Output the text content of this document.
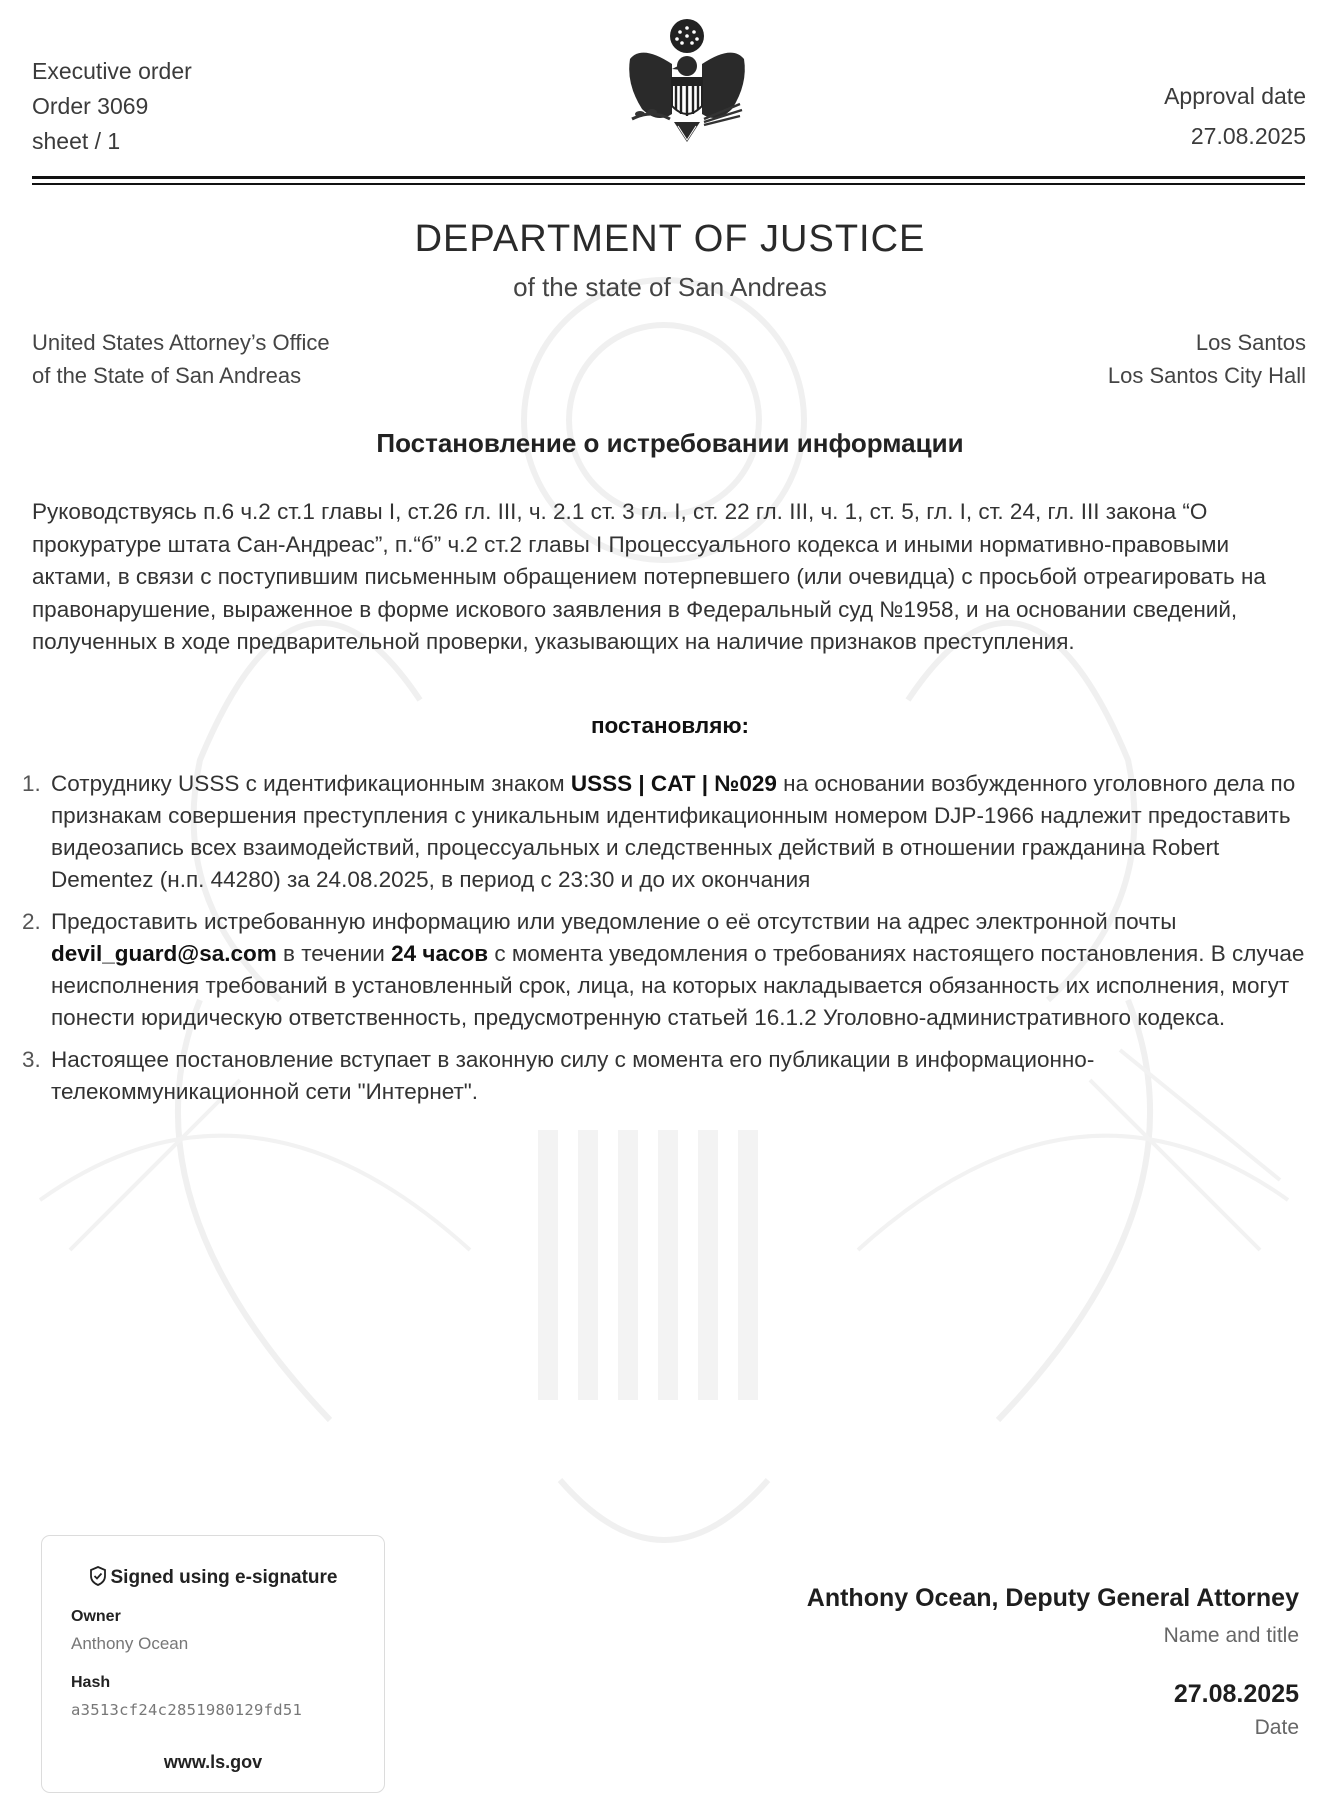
Executive order
Order 3069
sheet / 1
Approval date
27.08.2025
DEPARTMENT OF JUSTICE
of the state of San Andreas
United States Attorney’s Office
of the State of San Andreas
Los Santos
Los Santos City Hall
Постановление о истребовании информации
Руководствуясь п.6 ч.2 ст.1 главы I, ст.26 гл. III, ч. 2.1 ст. 3 гл. I, ст. 22 гл. III, ч. 1, ст. 5, гл. I, ст. 24, гл. III закона “О прокуратуре штата Сан-Андреас”, п.“б” ч.2 ст.2 главы I Процессуального кодекса и иными нормативно-правовыми актами, в связи с поступившим письменным обращением потерпевшего (или очевидца) с просьбой отреагировать на правонарушение, выраженное в форме искового заявления в Федеральный суд №1958, и на основании сведений, полученных в ходе предварительной проверки, указывающих на наличие признаков преступления.
постановляю:
1. Сотруднику USSS с идентификационным знаком USSS | CAT | №029 на основании возбужденного уголовного дела по признакам совершения преступления с уникальным идентификационным номером DJP-1966 надлежит предоставить видеозапись всех взаимодействий, процессуальных и следственных действий в отношении гражданина Robert Dementez (н.п. 44280) за 24.08.2025, в период с 23:30 и до их окончания
2. Предоставить истребованную информацию или уведомление о её отсутствии на адрес электронной почты devil_guard@sa.com в течении 24 часов с момента уведомления о требованиях настоящего постановления. В случае неисполнения требований в установленный срок, лица, на которых накладывается обязанность их исполнения, могут понести юридическую ответственность, предусмотренную статьей 16.1.2 Уголовно-административного кодекса.
3. Настоящее постановление вступает в законную силу с момента его публикации в информационно-телекоммуникационной сети "Интернет".
Signed using e-signature
Owner
Anthony Ocean
Hash
a3513cf24c2851980129fd51
www.ls.gov
Anthony Ocean, Deputy General Attorney
Name and title
27.08.2025
Date
